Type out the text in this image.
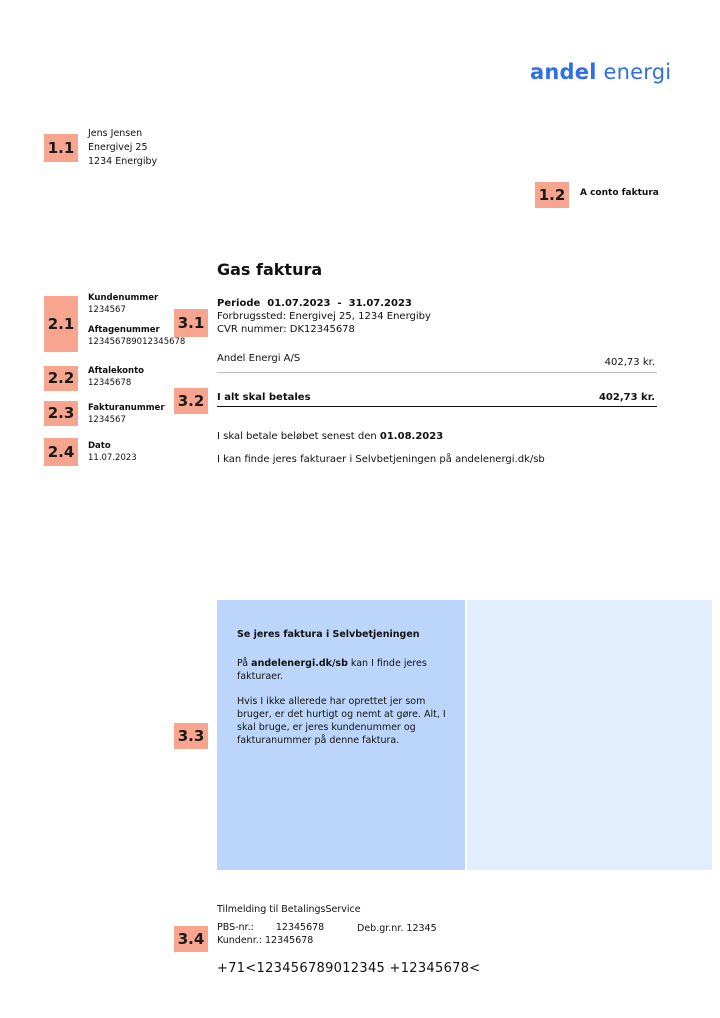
andel energi
1.1
Jens Jensen
Energivej 25
1234 Energiby
1.2	A conto faktura
Gas faktura
2.1
Kundenummer
1234567
Aftagenummer
123456789012345678
2.2	Aftalekonto
12345678
2.3	Fakturanummer
1234567
2.4	Dato
11.07.2023
3.1
Periode 01.07.2023 - 31.07.2023
Forbrugssted: Energivej 25, 1234 Energiby
CVR nummer: DK12345678
Andel Energi A/S	402,73 kr.
3.2	I alt skal betales	402,73 kr.
I skal betale beløbet senest den 01.08.2023
I kan finde jeres fakturaer i Selvbetjeningen på andelenergi.dk/sb
3.3
Se jeres faktura i Selvbetjeningen
På andelenergi.dk/sb kan I finde jeres fakturaer.
Hvis I ikke allerede har oprettet jer som bruger, er det hurtigt og nemt at gøre. Alt, I skal bruge, er jeres kundenummer og fakturanummer på denne faktura.
Tilmelding til BetalingsService
3.4
PBS-nr.: 12345678
Kundenr.: 12345678
Deb.gr.nr. 12345
+71<123456789012345 +12345678<
